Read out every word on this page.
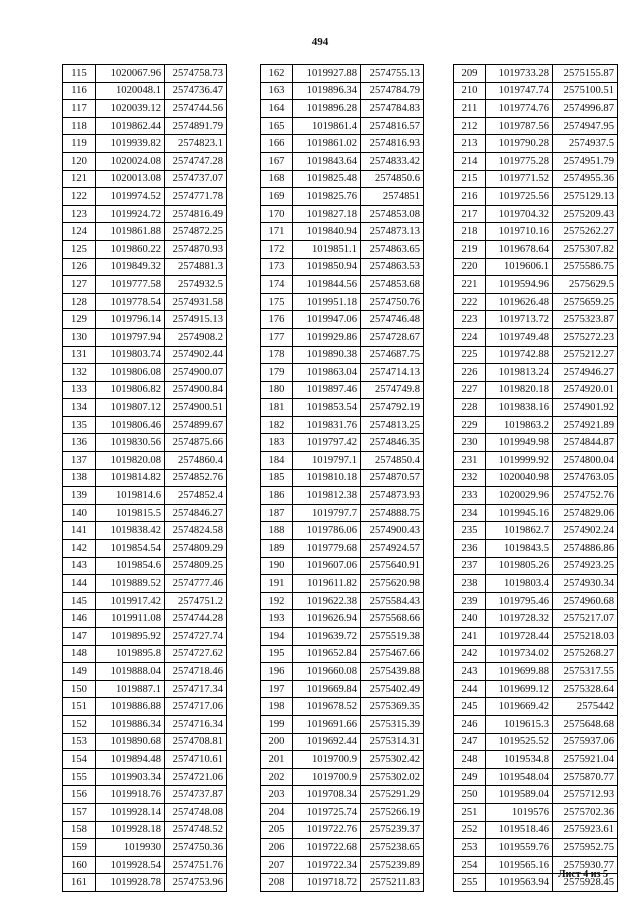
494
115	1020067.96	2574758.73
116	1020048.1	2574736.47
117	1020039.12	2574744.56
118	1019862.44	2574891.79
119	1019939.82	2574823.1
120	1020024.08	2574747.28
121	1020013.08	2574737.07
122	1019974.52	2574771.78
123	1019924.72	2574816.49
124	1019861.88	2574872.25
125	1019860.22	2574870.93
126	1019849.32	2574881.3
127	1019777.58	2574932.5
128	1019778.54	2574931.58
129	1019796.14	2574915.13
130	1019797.94	2574908.2
131	1019803.74	2574902.44
132	1019806.08	2574900.07
133	1019806.82	2574900.84
134	1019807.12	2574900.51
135	1019806.46	2574899.67
136	1019830.56	2574875.66
137	1019820.08	2574860.4
138	1019814.82	2574852.76
139	1019814.6	2574852.4
140	1019815.5	2574846.27
141	1019838.42	2574824.58
142	1019854.54	2574809.29
143	1019854.6	2574809.25
144	1019889.52	2574777.46
145	1019917.42	2574751.2
146	1019911.08	2574744.28
147	1019895.92	2574727.74
148	1019895.8	2574727.62
149	1019888.04	2574718.46
150	1019887.1	2574717.34
151	1019886.88	2574717.06
152	1019886.34	2574716.34
153	1019890.68	2574708.81
154	1019894.48	2574710.61
155	1019903.34	2574721.06
156	1019918.76	2574737.87
157	1019928.14	2574748.08
158	1019928.18	2574748.52
159	1019930	2574750.36
160	1019928.54	2574751.76
161	1019928.78	2574753.96
162	1019927.88	2574755.13
163	1019896.34	2574784.79
164	1019896.28	2574784.83
165	1019861.4	2574816.57
166	1019861.02	2574816.93
167	1019843.64	2574833.42
168	1019825.48	2574850.6
169	1019825.76	2574851
170	1019827.18	2574853.08
171	1019840.94	2574873.13
172	1019851.1	2574863.65
173	1019850.94	2574863.53
174	1019844.56	2574853.68
175	1019951.18	2574750.76
176	1019947.06	2574746.48
177	1019929.86	2574728.67
178	1019890.38	2574687.75
179	1019863.04	2574714.13
180	1019897.46	2574749.8
181	1019853.54	2574792.19
182	1019831.76	2574813.25
183	1019797.42	2574846.35
184	1019797.1	2574850.4
185	1019810.18	2574870.57
186	1019812.38	2574873.93
187	1019797.7	2574888.75
188	1019786.06	2574900.43
189	1019779.68	2574924.57
190	1019607.06	2575640.91
191	1019611.82	2575620.98
192	1019622.38	2575584.43
193	1019626.94	2575568.66
194	1019639.72	2575519.38
195	1019652.84	2575467.66
196	1019660.08	2575439.88
197	1019669.84	2575402.49
198	1019678.52	2575369.35
199	1019691.66	2575315.39
200	1019692.44	2575314.31
201	1019700.9	2575302.42
202	1019700.9	2575302.02
203	1019708.34	2575291.29
204	1019725.74	2575266.19
205	1019722.76	2575239.37
206	1019722.68	2575238.65
207	1019722.34	2575239.89
208	1019718.72	2575211.83
209	1019733.28	2575155.87
210	1019747.74	2575100.51
211	1019774.76	2574996.87
212	1019787.56	2574947.95
213	1019790.28	2574937.5
214	1019775.28	2574951.79
215	1019771.52	2574955.36
216	1019725.56	2575129.13
217	1019704.32	2575209.43
218	1019710.16	2575262.27
219	1019678.64	2575307.82
220	1019606.1	2575586.75
221	1019594.96	2575629.5
222	1019626.48	2575659.25
223	1019713.72	2575323.87
224	1019749.48	2575272.23
225	1019742.88	2575212.27
226	1019813.24	2574946.27
227	1019820.18	2574920.01
228	1019838.16	2574901.92
229	1019863.2	2574921.89
230	1019949.98	2574844.87
231	1019999.92	2574800.04
232	1020040.98	2574763.05
233	1020029.96	2574752.76
234	1019945.16	2574829.06
235	1019862.7	2574902.24
236	1019843.5	2574886.86
237	1019805.26	2574923.25
238	1019803.4	2574930.34
239	1019795.46	2574960.68
240	1019728.32	2575217.07
241	1019728.44	2575218.03
242	1019734.02	2575268.27
243	1019699.88	2575317.55
244	1019699.12	2575328.64
245	1019669.42	2575442
246	1019615.3	2575648.68
247	1019525.52	2575937.06
248	1019534.8	2575921.04
249	1019548.04	2575870.77
250	1019589.04	2575712.93
251	1019576	2575702.36
252	1019518.46	2575923.61
253	1019559.76	2575952.75
254	1019565.16	2575930.77
255	1019563.94	2575928.45
Лист 4 из 5
